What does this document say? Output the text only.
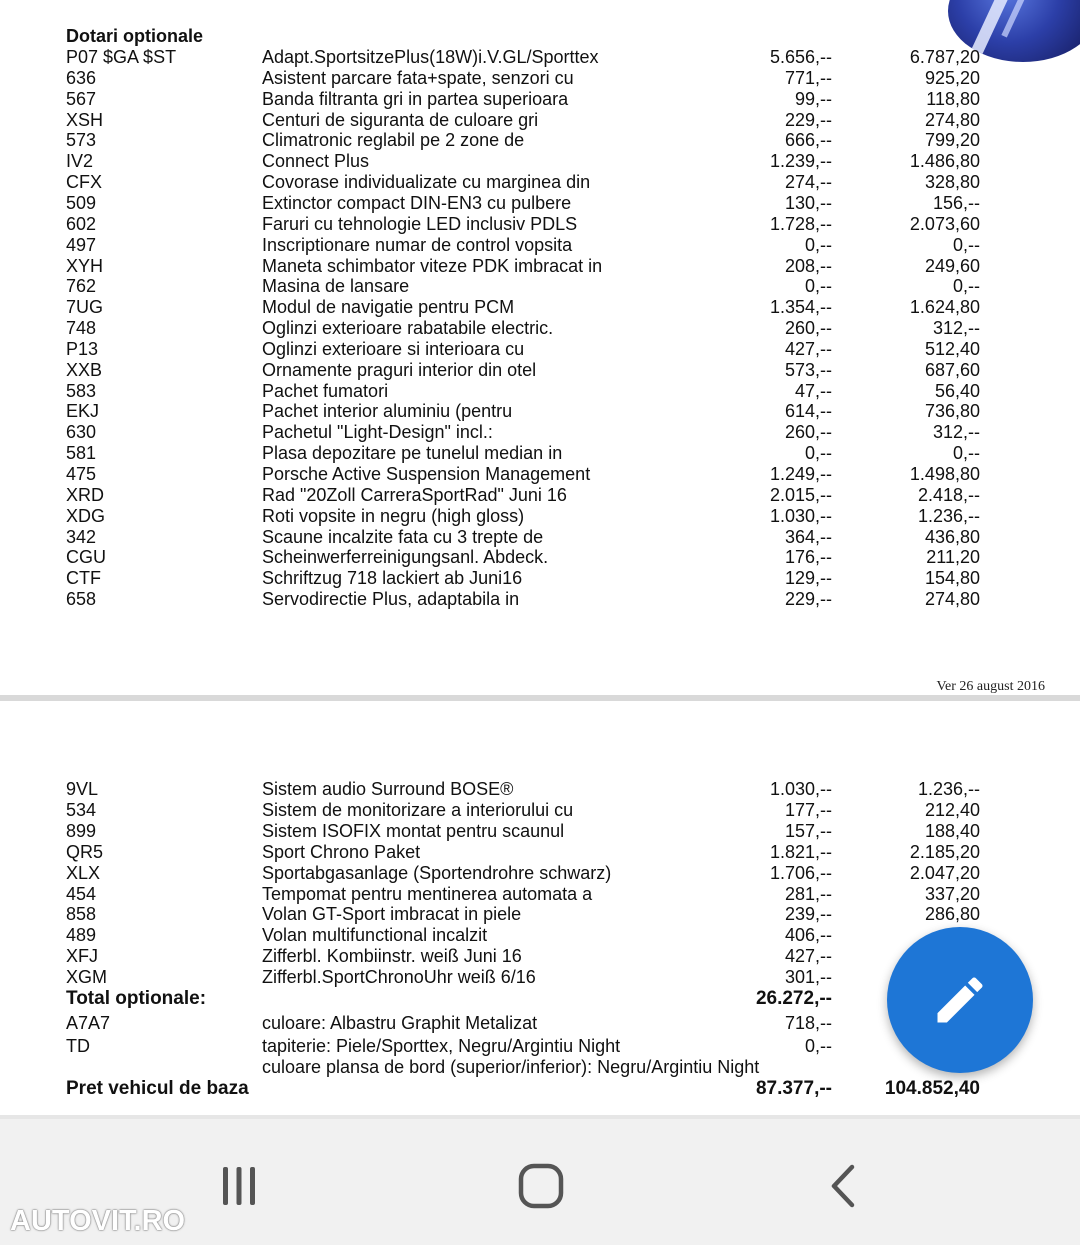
Dotari optionale
P07 $GA $ST	Adapt.SportsitzePlus(18W)i.V.GL/Sporttex	5.656,--	6.787,20
636	Asistent parcare fata+spate, senzori cu	771,--	925,20
567	Banda filtranta gri in partea superioara	99,--	118,80
XSH	Centuri de siguranta de culoare gri	229,--	274,80
573	Climatronic reglabil pe 2 zone de	666,--	799,20
IV2	Connect Plus	1.239,--	1.486,80
CFX	Covorase individualizate cu marginea din	274,--	328,80
509	Extinctor compact DIN-EN3 cu pulbere	130,--	156,--
602	Faruri cu tehnologie LED inclusiv PDLS	1.728,--	2.073,60
497	Inscriptionare numar de control vopsita	0,--	0,--
XYH	Maneta schimbator viteze PDK imbracat in	208,--	249,60
762	Masina de lansare	0,--	0,--
7UG	Modul de navigatie pentru PCM	1.354,--	1.624,80
748	Oglinzi exterioare rabatabile electric.	260,--	312,--
P13	Oglinzi exterioare si interioara cu	427,--	512,40
XXB	Ornamente praguri interior din otel	573,--	687,60
583	Pachet fumatori	47,--	56,40
EKJ	Pachet interior aluminiu (pentru	614,--	736,80
630	Pachetul "Light-Design" incl.:	260,--	312,--
581	Plasa depozitare pe tunelul median in	0,--	0,--
475	Porsche Active Suspension Management	1.249,--	1.498,80
XRD	Rad "20Zoll CarreraSportRad" Juni 16	2.015,--	2.418,--
XDG	Roti vopsite in negru (high gloss)	1.030,--	1.236,--
342	Scaune incalzite fata cu 3 trepte de	364,--	436,80
CGU	Scheinwerferreinigungsanl. Abdeck.	176,--	211,20
CTF	Schriftzug 718 lackiert ab Juni16	129,--	154,80
658	Servodirectie Plus, adaptabila in	229,--	274,80
Ver 26 august 2016
9VL	Sistem audio Surround BOSE®	1.030,--	1.236,--
534	Sistem de monitorizare a interiorului cu	177,--	212,40
899	Sistem ISOFIX montat pentru scaunul	157,--	188,40
QR5	Sport Chrono Paket	1.821,--	2.185,20
XLX	Sportabgasanlage (Sportendrohre schwarz)	1.706,--	2.047,20
454	Tempomat pentru mentinerea automata a	281,--	337,20
858	Volan GT-Sport imbracat in piele	239,--	286,80
489	Volan multifunctional incalzit	406,--
XFJ	Zifferbl. Kombiinstr. weiß Juni 16	427,--
XGM	Zifferbl.SportChronoUhr weiß 6/16	301,--
Total optionale:	26.272,--
A7A7	culoare: Albastru Graphit Metalizat	718,--
TD	tapiterie: Piele/Sporttex, Negru/Argintiu Night	0,--
culoare plansa de bord (superior/inferior): Negru/Argintiu Night
Pret vehicul de baza	87.377,--	104.852,40
AUTOVIT.RO
